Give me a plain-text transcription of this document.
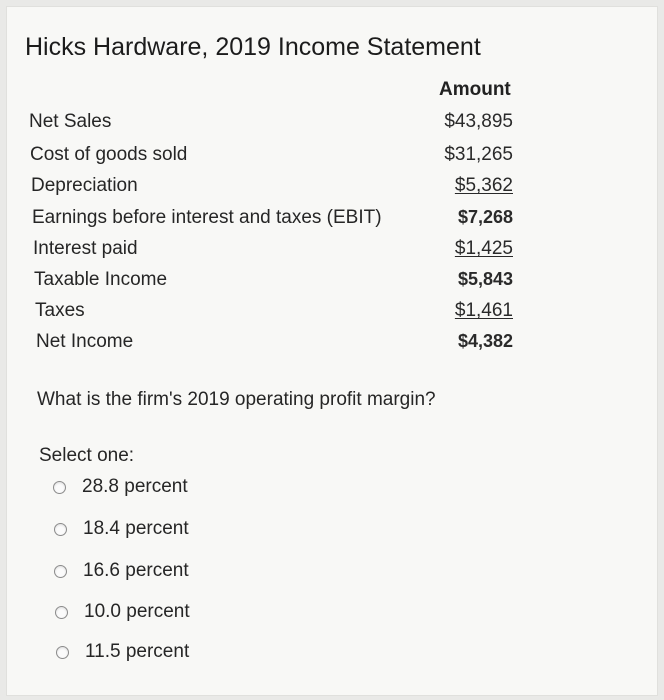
Hicks Hardware, 2019 Income Statement
Amount
Net Sales	$43,895
Cost of goods sold	$31,265
Depreciation	$5,362
Earnings before interest and taxes (EBIT)	$7,268
Interest paid	$1,425
Taxable Income	$5,843
Taxes	$1,461
Net Income	$4,382
What is the firm's 2019 operating profit margin?
Select one:
28.8 percent
18.4 percent
16.6 percent
10.0 percent
11.5 percent
